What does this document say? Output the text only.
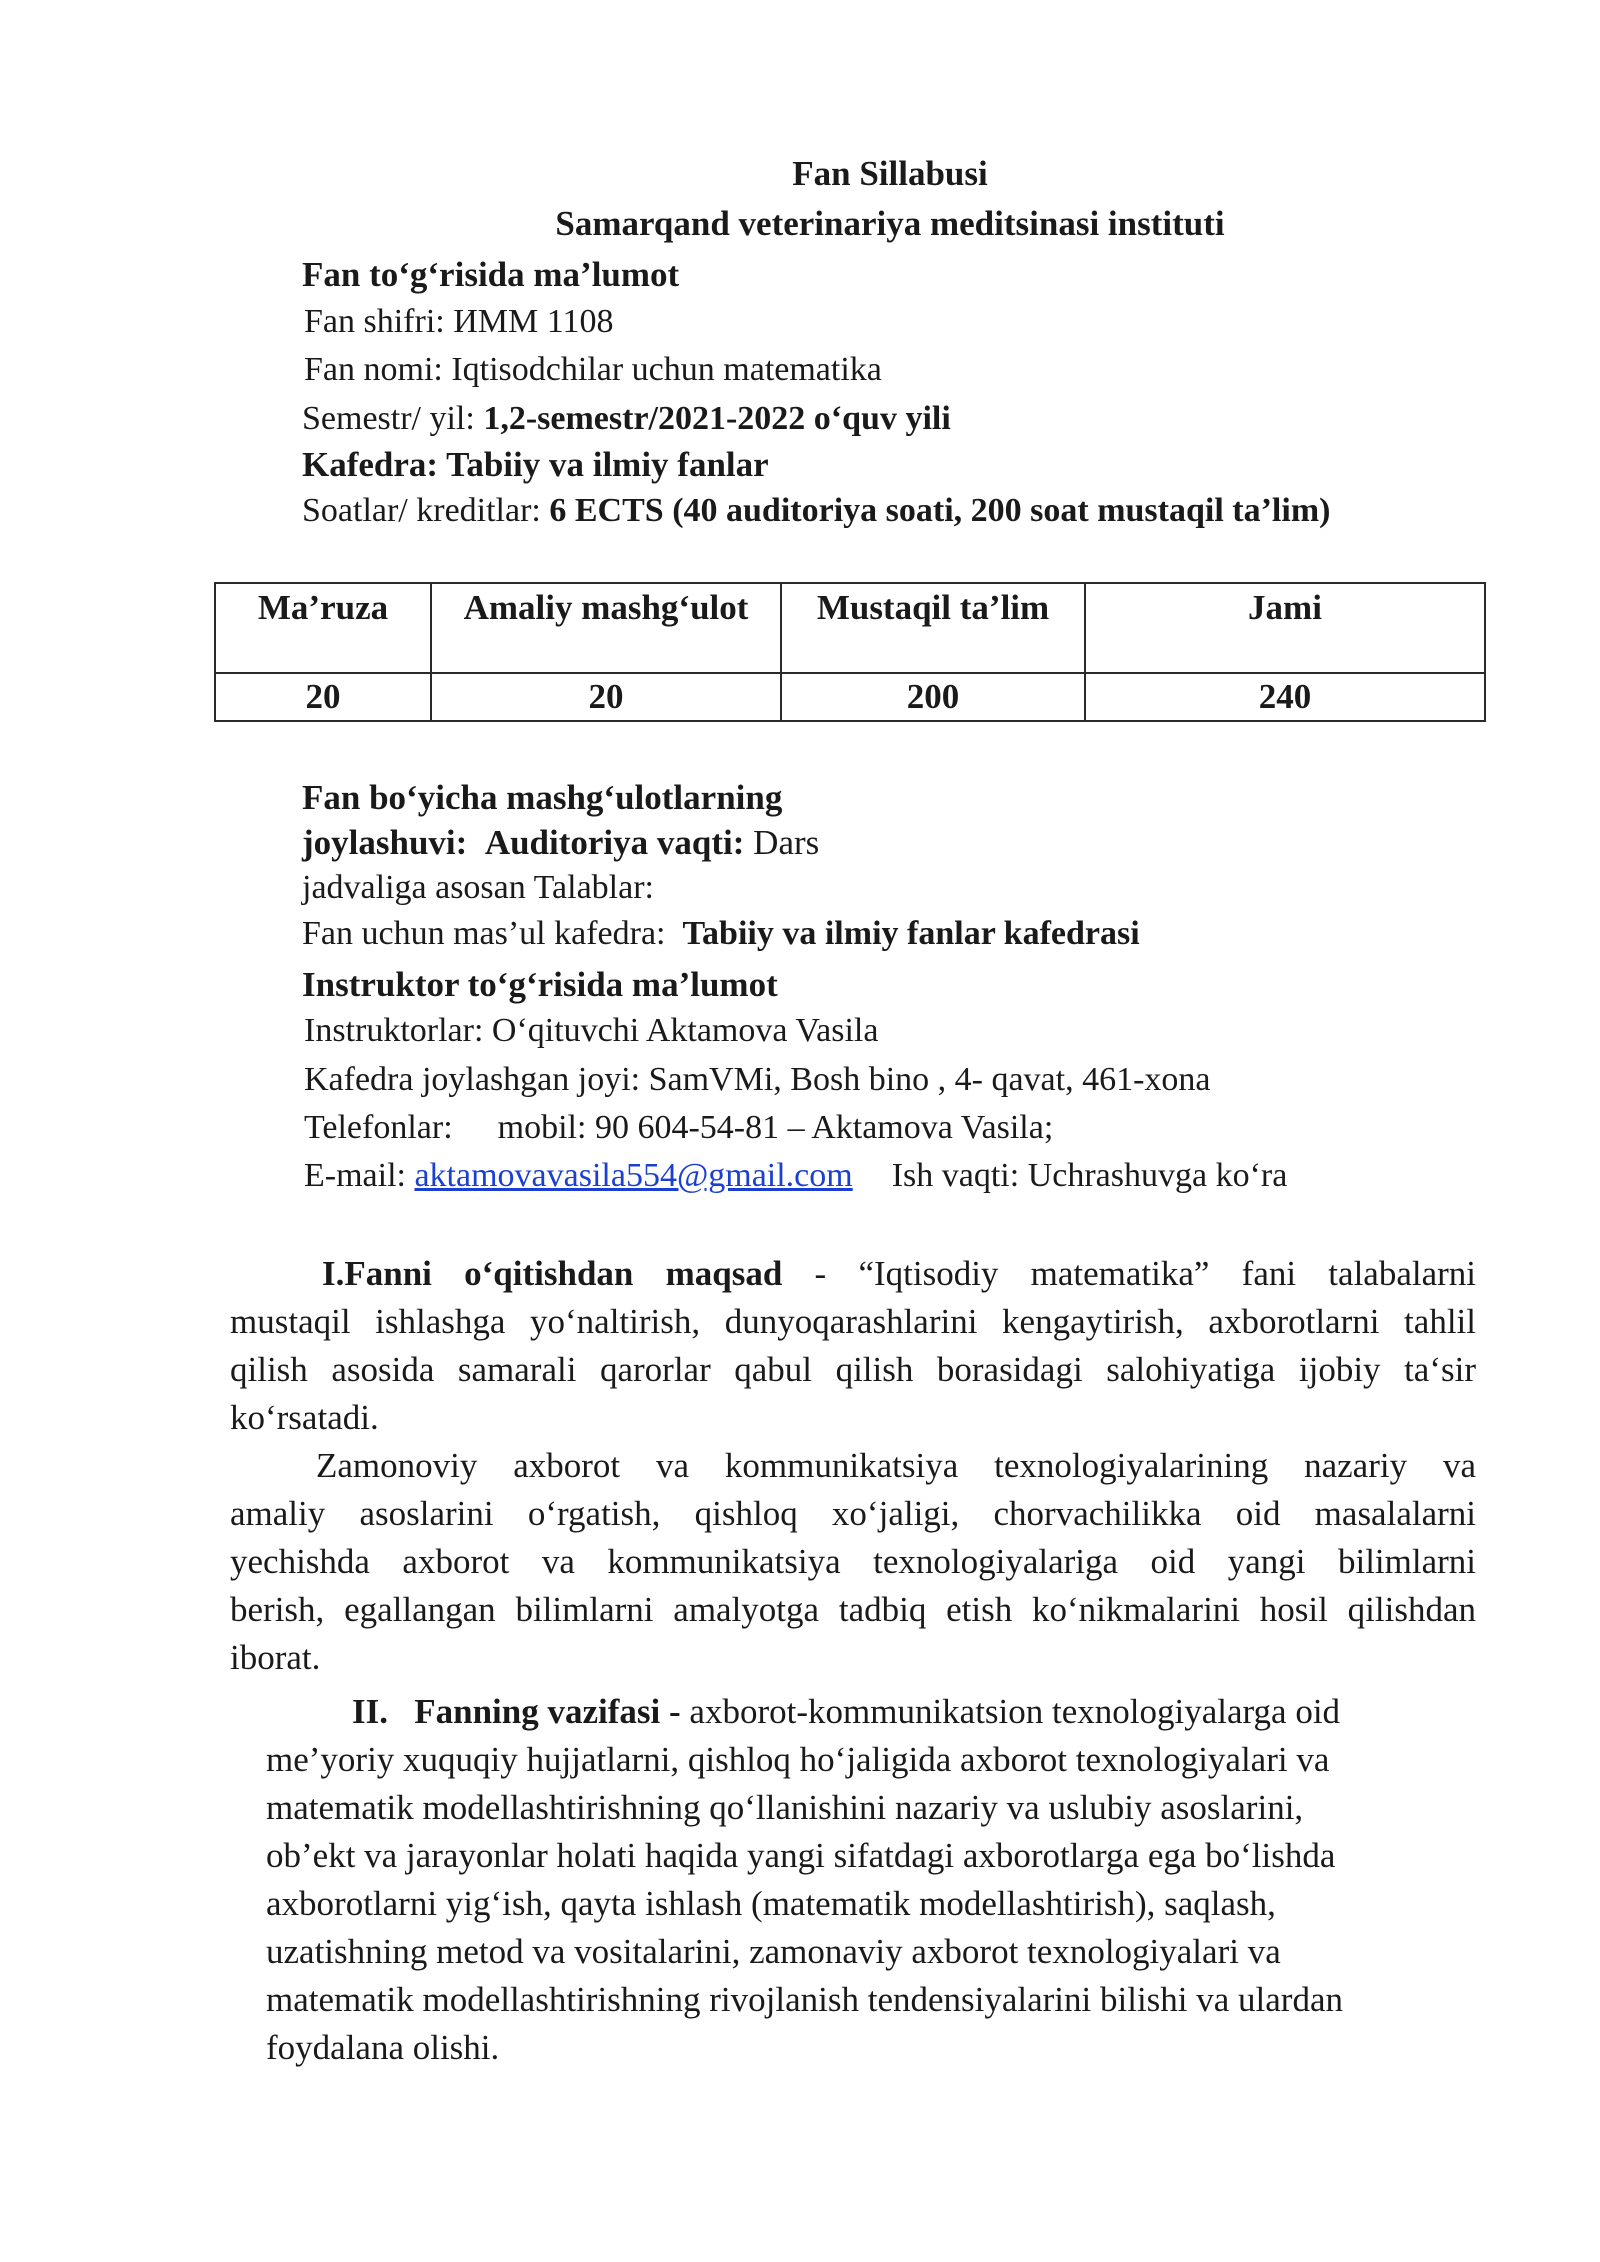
Fan Sillabusi
Samarqand veterinariya meditsinasi instituti
Fan to‘g‘risida ma’lumot
Fan shifri: ИММ 1108
Fan nomi: Iqtisodchilar uchun matematika
Semestr/ yil: 1,2-semestr/2021-2022 o‘quv yili
Kafedra: Tabiiy va ilmiy fanlar
Soatlar/ kreditlar: 6 ECTS (40 auditoriya soati, 200 soat mustaqil ta’lim)
Ma’ruza	Amaliy mashg‘ulot	Mustaqil ta’lim	Jami
20	20	200	240
Fan bo‘yicha mashg‘ulotlarning
joylashuvi: Auditoriya vaqti: Dars
jadvaliga asosan Talablar:
Fan uchun mas’ul kafedra: Tabiiy va ilmiy fanlar kafedrasi
Instruktor to‘g‘risida ma’lumot
Instruktorlar: O‘qituvchi Aktamova Vasila
Kafedra joylashgan joyi: SamVMi, Bosh bino , 4- qavat, 461-xona
Telefonlar: mobil: 90 604-54-81 – Aktamova Vasila;
E-mail: aktamovavasila554@gmail.com Ish vaqti: Uchrashuvga ko‘ra
I.Fanni o‘qitishdan maqsad - “Iqtisodiy matematika” fani talabalarni
mustaqil ishlashga yo‘naltirish, dunyoqarashlarini kengaytirish, axborotlarni tahlil
qilish asosida samarali qarorlar qabul qilish borasidagi salohiyatiga ijobiy ta‘sir
ko‘rsatadi.
Zamonoviy axborot va kommunikatsiya texnologiyalarining nazariy va
amaliy asoslarini o‘rgatish, qishloq xo‘jaligi, chorvachilikka oid masalalarni
yechishda axborot va kommunikatsiya texnologiyalariga oid yangi bilimlarni
berish, egallangan bilimlarni amalyotga tadbiq etish ko‘nikmalarini hosil qilishdan
iborat.
II. Fanning vazifasi - axborot-kommunikatsion texnologiyalarga oid
me’yoriy xuquqiy hujjatlarni, qishloq ho‘jaligida axborot texnologiyalari va
matematik modellashtirishning qo‘llanishini nazariy va uslubiy asoslarini,
ob’ekt va jarayonlar holati haqida yangi sifatdagi axborotlarga ega bo‘lishda
axborotlarni yig‘ish, qayta ishlash (matematik modellashtirish), saqlash,
uzatishning metod va vositalarini, zamonaviy axborot texnologiyalari va
matematik modellashtirishning rivojlanish tendensiyalarini bilishi va ulardan
foydalana olishi.
